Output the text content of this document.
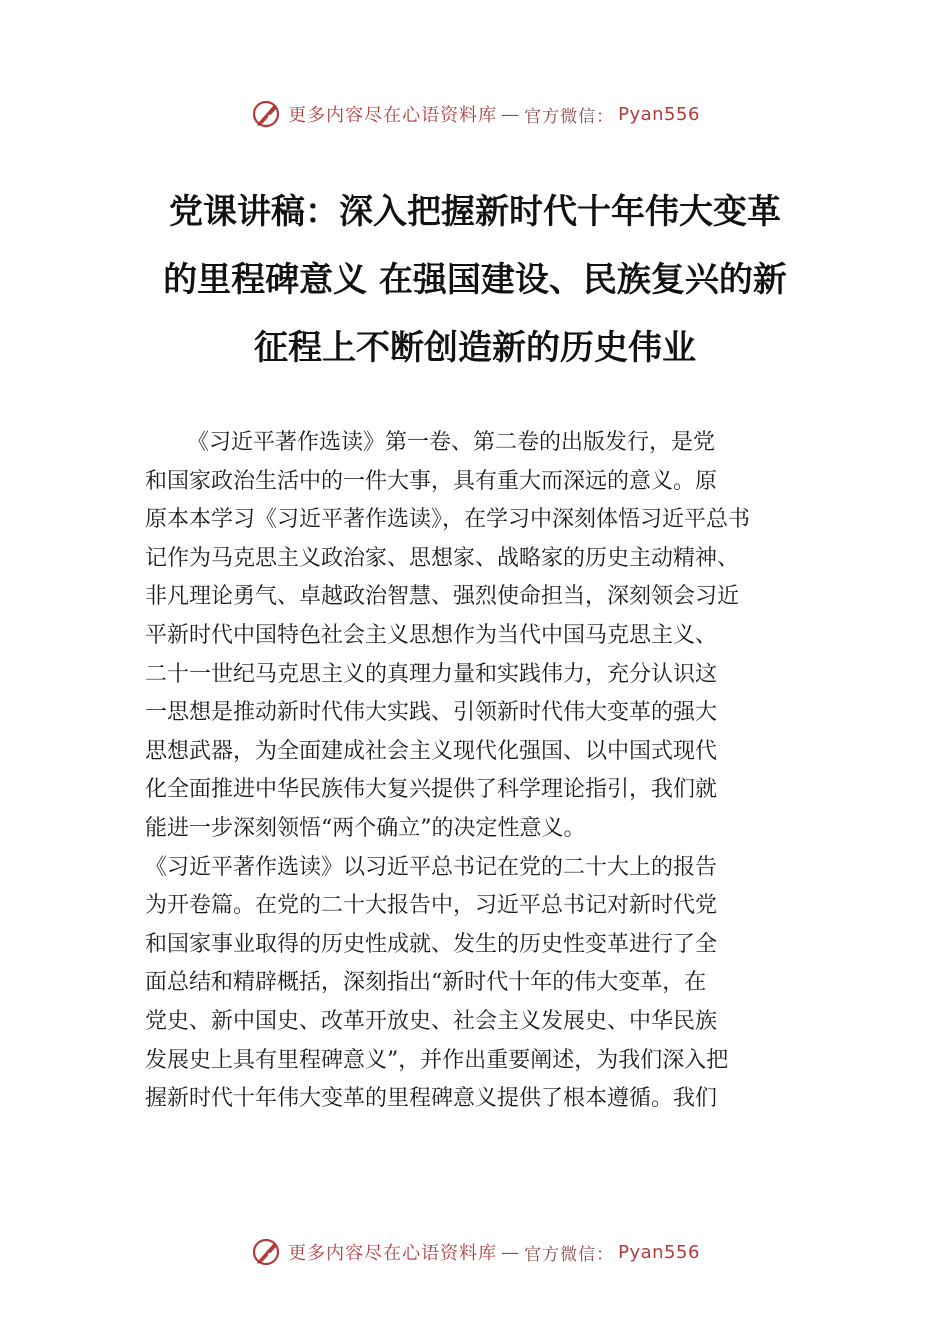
更多内容尽在心语资料库 — 官方微信： Pyan556
党课讲稿：深入把握新时代十年伟大变革
的里程碑意义 在强国建设、民族复兴的新
征程上不断创造新的历史伟业
《习近平著作选读》第一卷、第二卷的出版发行，是党
和国家政治生活中的一件大事，具有重大而深远的意义。原
原本本学习《习近平著作选读》，在学习中深刻体悟习近平总书
记作为马克思主义政治家、思想家、战略家的历史主动精神、
非凡理论勇气、卓越政治智慧、强烈使命担当，深刻领会习近
平新时代中国特色社会主义思想作为当代中国马克思主义、
二十一世纪马克思主义的真理力量和实践伟力，充分认识这
一思想是推动新时代伟大实践、引领新时代伟大变革的强大
思想武器，为全面建成社会主义现代化强国、以中国式现代
化全面推进中华民族伟大复兴提供了科学理论指引，我们就
能进一步深刻领悟“两个确立”的决定性意义。
《习近平著作选读》以习近平总书记在党的二十大上的报告
为开卷篇。在党的二十大报告中，习近平总书记对新时代党
和国家事业取得的历史性成就、发生的历史性变革进行了全
面总结和精辟概括，深刻指出“新时代十年的伟大变革，在
党史、新中国史、改革开放史、社会主义发展史、中华民族
发展史上具有里程碑意义”，并作出重要阐述，为我们深入把
握新时代十年伟大变革的里程碑意义提供了根本遵循。我们
更多内容尽在心语资料库 — 官方微信： Pyan556
